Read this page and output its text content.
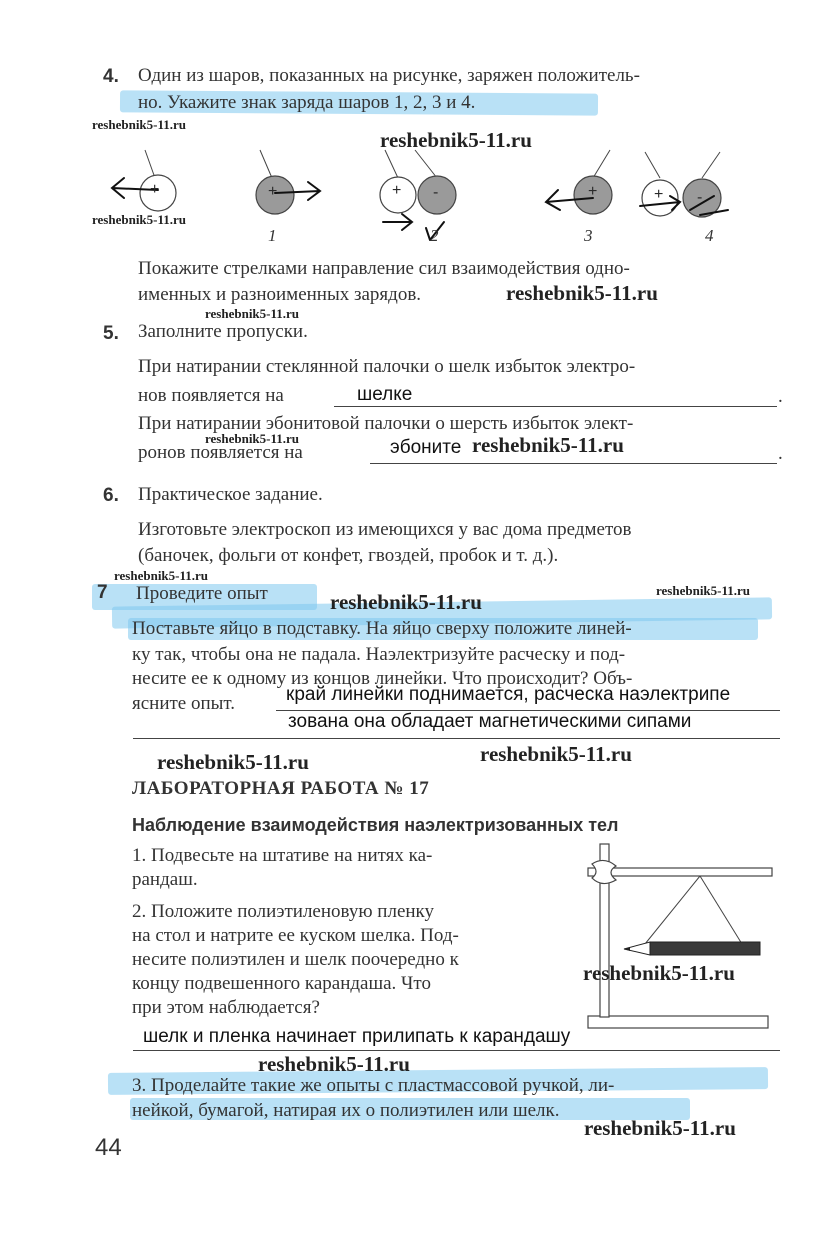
4. Один из шаров, показанных на рисунке, заряжен положитель-
но. Укажите знак заряда шаров 1, 2, 3 и 4.
reshebnik5-11.ru
reshebnik5-11.ru
reshebnik5-11.ru
+	+	+ -	+	+ -
1	2	3	4
Покажите стрелками направление сил взаимодействия одно-
именных и разноименных зарядов.	reshebnik5-11.ru
reshebnik5-11.ru
5. Заполните пропуски.
При натирании стеклянной палочки о шелк избыток электро-
нов появляется на	шелке	.
При натирании эбонитовой палочки о шерсть избыток элект-
reshebnik5-11.ru
ронов появляется на	эбоните reshebnik5-11.ru	.
6. Практическое задание.
Изготовьте электроскоп из имеющихся у вас дома предметов
(баночек, фольги от конфет, гвоздей, пробок и т. д.).
reshebnik5-11.ru
reshebnik5-11.ru
7 Проведите опыт	reshebnik5-11.ru
Поставьте яйцо в подставку. На яйцо сверху положите линей-
ку так, чтобы она не падала. Наэлектризуйте расческу и под-
несите ее к одному из концов линейки. Что происходит? Объ-
ясните опыт.	край линейки поднимается, расческа наэлектрипе
зована она обладает магнетическими сипами
reshebnik5-11.ru	reshebnik5-11.ru
ЛАБОРАТОРНАЯ РАБОТА № 17
Наблюдение взаимодействия наэлектризованных тел
1. Подвесьте на штативе на нитях ка-
рандаш.
2. Положите полиэтиленовую пленку
на стол и натрите ее куском шелка. Под-
несите полиэтилен и шелк поочередно к
концу подвешенного карандаша. Что
при этом наблюдается?
reshebnik5-11.ru
шелк и пленка начинает прилипать к карандашу
reshebnik5-11.ru
3. Проделайте такие же опыты с пластмассовой ручкой, ли-
нейкой, бумагой, натирая их о полиэтилен или шелк.
reshebnik5-11.ru
44
